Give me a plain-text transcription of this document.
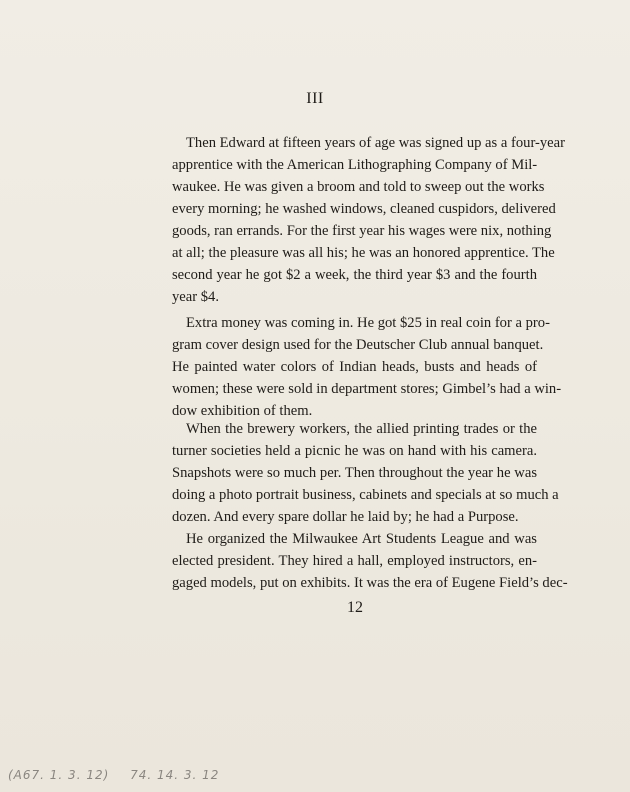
III
Then Edward at fifteen years of age was signed up as a four-year
apprentice with the American Lithographing Company of Mil-
waukee. He was given a broom and told to sweep out the works
every morning; he washed windows, cleaned cuspidors, delivered
goods, ran errands. For the first year his wages were nix, nothing
at all; the pleasure was all his; he was an honored apprentice. The
second year he got $2 a week, the third year $3 and the fourth
year $4.
Extra money was coming in. He got $25 in real coin for a pro-
gram cover design used for the Deutscher Club annual banquet.
He painted water colors of Indian heads, busts and heads of
women; these were sold in department stores; Gimbel’s had a win-
dow exhibition of them.
When the brewery workers, the allied printing trades or the
turner societies held a picnic he was on hand with his camera.
Snapshots were so much per. Then throughout the year he was
doing a photo portrait business, cabinets and specials at so much a
dozen. And every spare dollar he laid by; he had a Purpose.
He organized the Milwaukee Art Students League and was
elected president. They hired a hall, employed instructors, en-
gaged models, put on exhibits. It was the era of Eugene Field’s dec-
12
(A67. 1. 3. 12) 74. 14. 3. 12
